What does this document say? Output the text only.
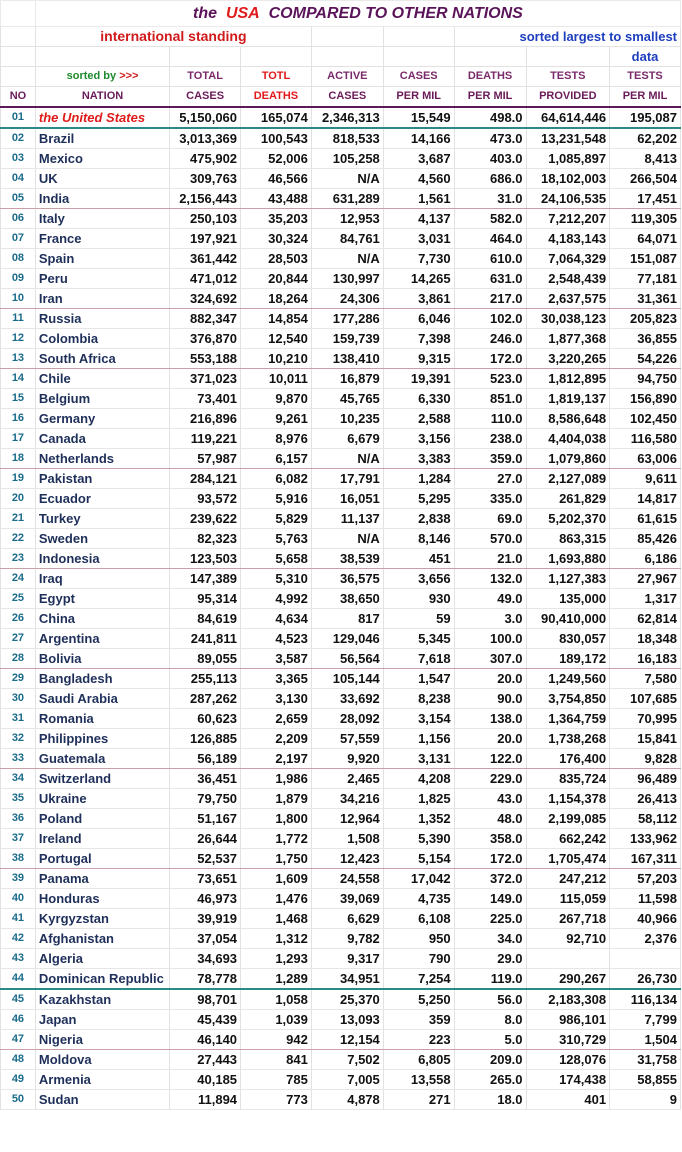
	the USA COMPARED TO OTHER NATIONS							
	international standing					sorted largest to smallest		
								data
	sorted by >>>	TOTAL	TOTL	ACTIVE	CASES	DEATHS	TESTS	TESTS
NO	NATION	CASES	DEATHS	CASES	PER MIL	PER MIL	PROVIDED	PER MIL
01	the United States	5,150,060	165,074	2,346,313	15,549	498.0	64,614,446	195,087
02	Brazil	3,013,369	100,543	818,533	14,166	473.0	13,231,548	62,202
03	Mexico	475,902	52,006	105,258	3,687	403.0	1,085,897	8,413
04	UK	309,763	46,566	N/A	4,560	686.0	18,102,003	266,504
05	India	2,156,443	43,488	631,289	1,561	31.0	24,106,535	17,451
06	Italy	250,103	35,203	12,953	4,137	582.0	7,212,207	119,305
07	France	197,921	30,324	84,761	3,031	464.0	4,183,143	64,071
08	Spain	361,442	28,503	N/A	7,730	610.0	7,064,329	151,087
09	Peru	471,012	20,844	130,997	14,265	631.0	2,548,439	77,181
10	Iran	324,692	18,264	24,306	3,861	217.0	2,637,575	31,361
11	Russia	882,347	14,854	177,286	6,046	102.0	30,038,123	205,823
12	Colombia	376,870	12,540	159,739	7,398	246.0	1,877,368	36,855
13	South Africa	553,188	10,210	138,410	9,315	172.0	3,220,265	54,226
14	Chile	371,023	10,011	16,879	19,391	523.0	1,812,895	94,750
15	Belgium	73,401	9,870	45,765	6,330	851.0	1,819,137	156,890
16	Germany	216,896	9,261	10,235	2,588	110.0	8,586,648	102,450
17	Canada	119,221	8,976	6,679	3,156	238.0	4,404,038	116,580
18	Netherlands	57,987	6,157	N/A	3,383	359.0	1,079,860	63,006
19	Pakistan	284,121	6,082	17,791	1,284	27.0	2,127,089	9,611
20	Ecuador	93,572	5,916	16,051	5,295	335.0	261,829	14,817
21	Turkey	239,622	5,829	11,137	2,838	69.0	5,202,370	61,615
22	Sweden	82,323	5,763	N/A	8,146	570.0	863,315	85,426
23	Indonesia	123,503	5,658	38,539	451	21.0	1,693,880	6,186
24	Iraq	147,389	5,310	36,575	3,656	132.0	1,127,383	27,967
25	Egypt	95,314	4,992	38,650	930	49.0	135,000	1,317
26	China	84,619	4,634	817	59	3.0	90,410,000	62,814
27	Argentina	241,811	4,523	129,046	5,345	100.0	830,057	18,348
28	Bolivia	89,055	3,587	56,564	7,618	307.0	189,172	16,183
29	Bangladesh	255,113	3,365	105,144	1,547	20.0	1,249,560	7,580
30	Saudi Arabia	287,262	3,130	33,692	8,238	90.0	3,754,850	107,685
31	Romania	60,623	2,659	28,092	3,154	138.0	1,364,759	70,995
32	Philippines	126,885	2,209	57,559	1,156	20.0	1,738,268	15,841
33	Guatemala	56,189	2,197	9,920	3,131	122.0	176,400	9,828
34	Switzerland	36,451	1,986	2,465	4,208	229.0	835,724	96,489
35	Ukraine	79,750	1,879	34,216	1,825	43.0	1,154,378	26,413
36	Poland	51,167	1,800	12,964	1,352	48.0	2,199,085	58,112
37	Ireland	26,644	1,772	1,508	5,390	358.0	662,242	133,962
38	Portugal	52,537	1,750	12,423	5,154	172.0	1,705,474	167,311
39	Panama	73,651	1,609	24,558	17,042	372.0	247,212	57,203
40	Honduras	46,973	1,476	39,069	4,735	149.0	115,059	11,598
41	Kyrgyzstan	39,919	1,468	6,629	6,108	225.0	267,718	40,966
42	Afghanistan	37,054	1,312	9,782	950	34.0	92,710	2,376
43	Algeria	34,693	1,293	9,317	790	29.0		
44	Dominican Republic	78,778	1,289	34,951	7,254	119.0	290,267	26,730
45	Kazakhstan	98,701	1,058	25,370	5,250	56.0	2,183,308	116,134
46	Japan	45,439	1,039	13,093	359	8.0	986,101	7,799
47	Nigeria	46,140	942	12,154	223	5.0	310,729	1,504
48	Moldova	27,443	841	7,502	6,805	209.0	128,076	31,758
49	Armenia	40,185	785	7,005	13,558	265.0	174,438	58,855
50	Sudan	11,894	773	4,878	271	18.0	401	9
